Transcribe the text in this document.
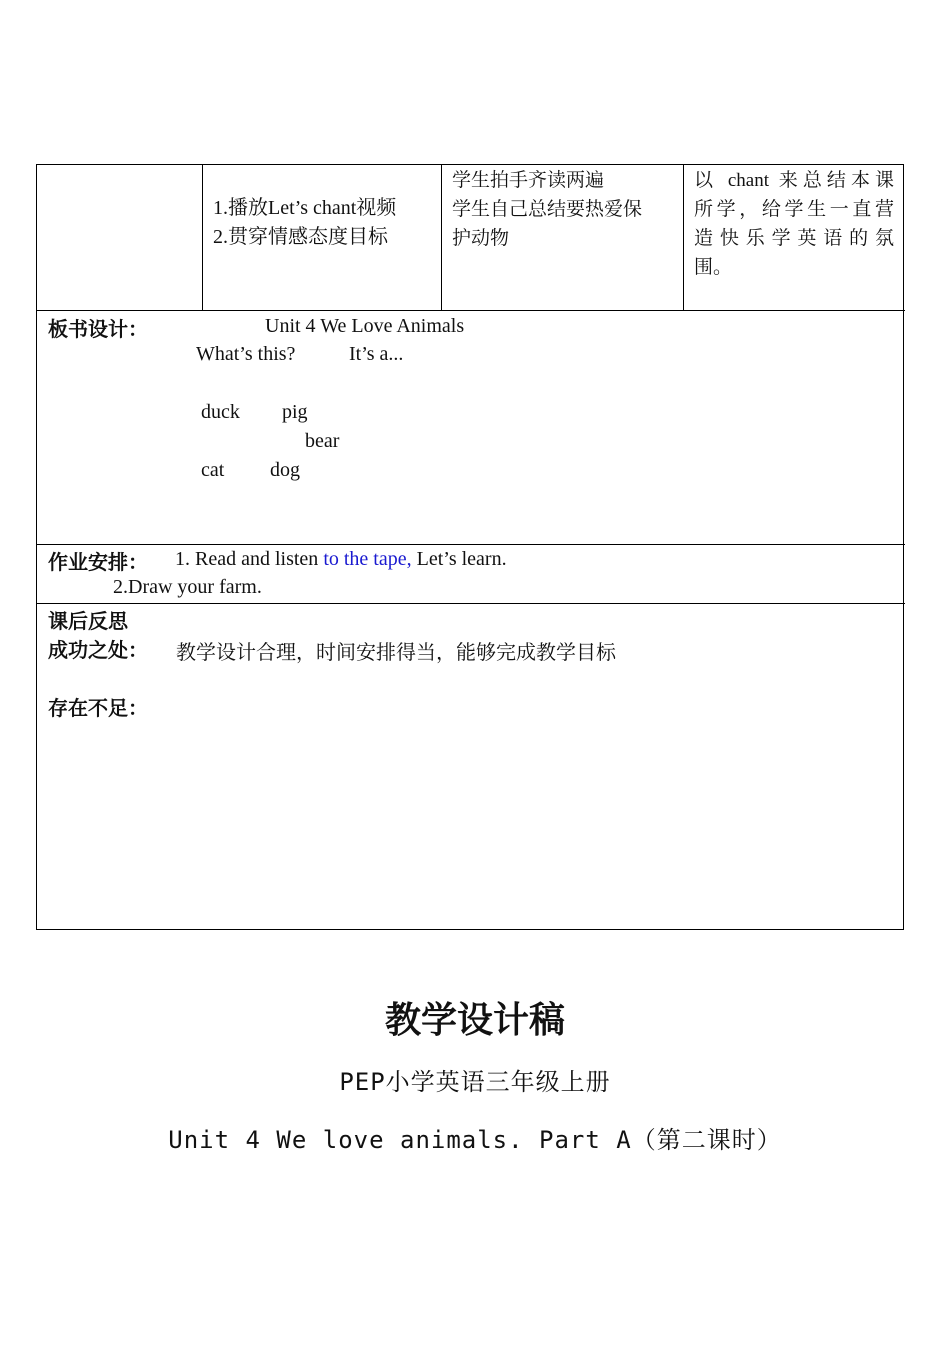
1.播放Let’s chant视频
2.贯穿情感态度目标
学生拍手齐读两遍
学生自己总结要热爱保
护动物
以 chant 来总结本课
所学，给学生一直营
造快乐学英语的氛
围。
板书设计：	Unit 4 We Love Animals
What’s this?	It’s a...
duck pig
bear
cat dog
作业安排： 1. Read and listen to the tape, Let’s learn.
2.Draw your farm.
课后反思
成功之处： 教学设计合理，时间安排得当，能够完成教学目标
存在不足：
教学设计稿
PEP小学英语三年级上册
Unit 4 We love animals. Part A（第二课时）
